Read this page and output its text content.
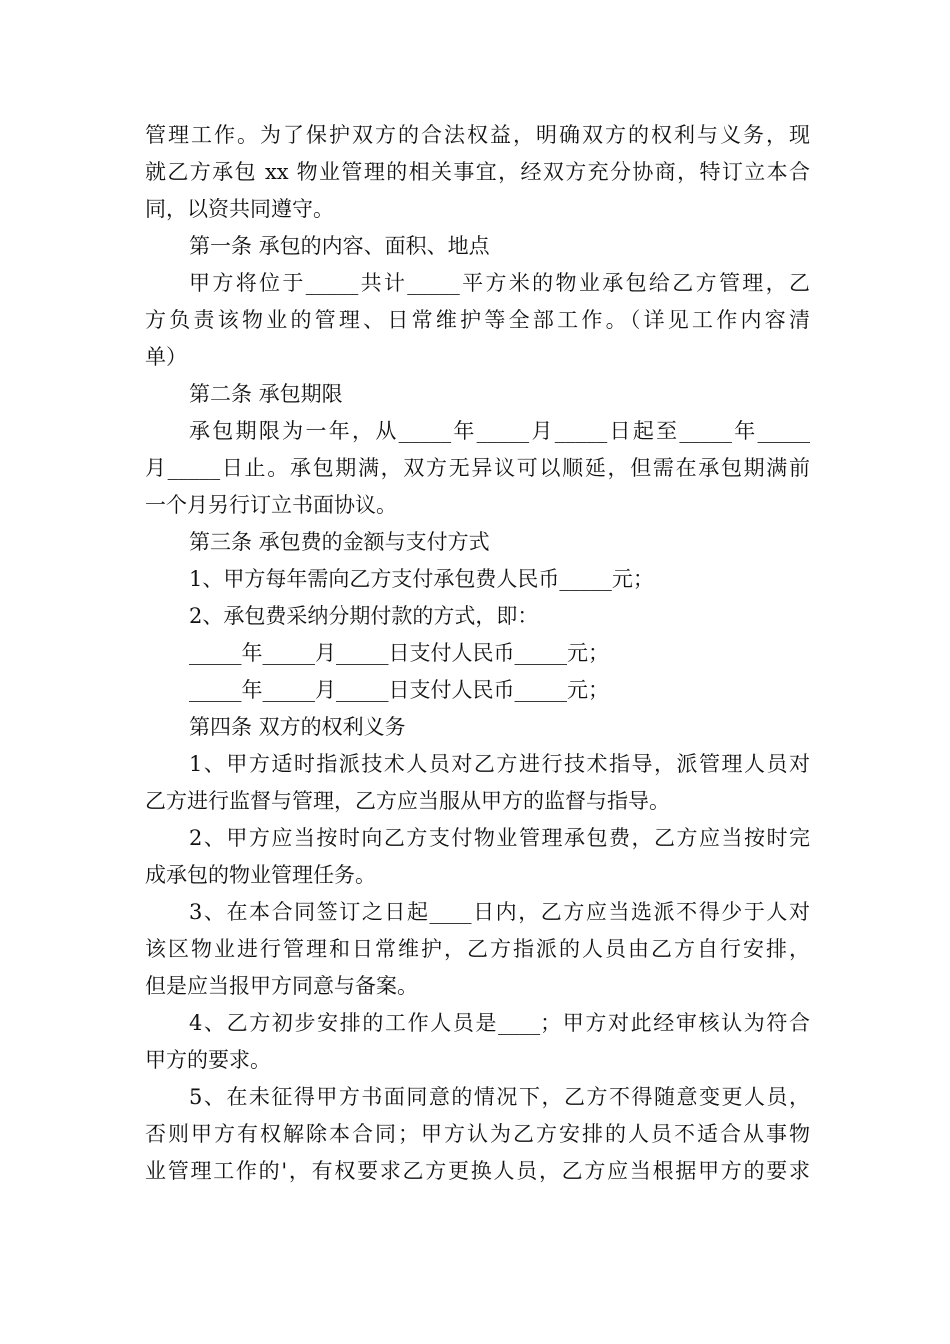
管理工作。为了保护双方的合法权益，明确双方的权利与义务，现
就乙方承包 xx 物业管理的相关事宜，经双方充分协商，特订立本合
同，以资共同遵守。
第一条 承包的内容、面积、地点
甲方将位于_____共计_____平方米的物业承包给乙方管理，乙
方负责该物业的管理、日常维护等全部工作。（详见工作内容清
单）
第二条 承包期限
承包期限为一年，从_____年_____月_____日起至_____年_____
月_____日止。承包期满，双方无异议可以顺延，但需在承包期满前
一个月另行订立书面协议。
第三条 承包费的金额与支付方式
1、甲方每年需向乙方支付承包费人民币_____元；
2、承包费采纳分期付款的方式，即：
_____年_____月_____日支付人民币_____元；
_____年_____月_____日支付人民币_____元；
第四条 双方的权利义务
1、甲方适时指派技术人员对乙方进行技术指导，派管理人员对
乙方进行监督与管理，乙方应当服从甲方的监督与指导。
2、甲方应当按时向乙方支付物业管理承包费，乙方应当按时完
成承包的物业管理任务。
3、在本合同签订之日起____日内，乙方应当选派不得少于人对
该区物业进行管理和日常维护，乙方指派的人员由乙方自行安排，
但是应当报甲方同意与备案。
4、乙方初步安排的工作人员是____；甲方对此经审核认为符合
甲方的要求。
5、在未征得甲方书面同意的情况下，乙方不得随意变更人员，
否则甲方有权解除本合同；甲方认为乙方安排的人员不适合从事物
业管理工作的'，有权要求乙方更换人员，乙方应当根据甲方的要求
